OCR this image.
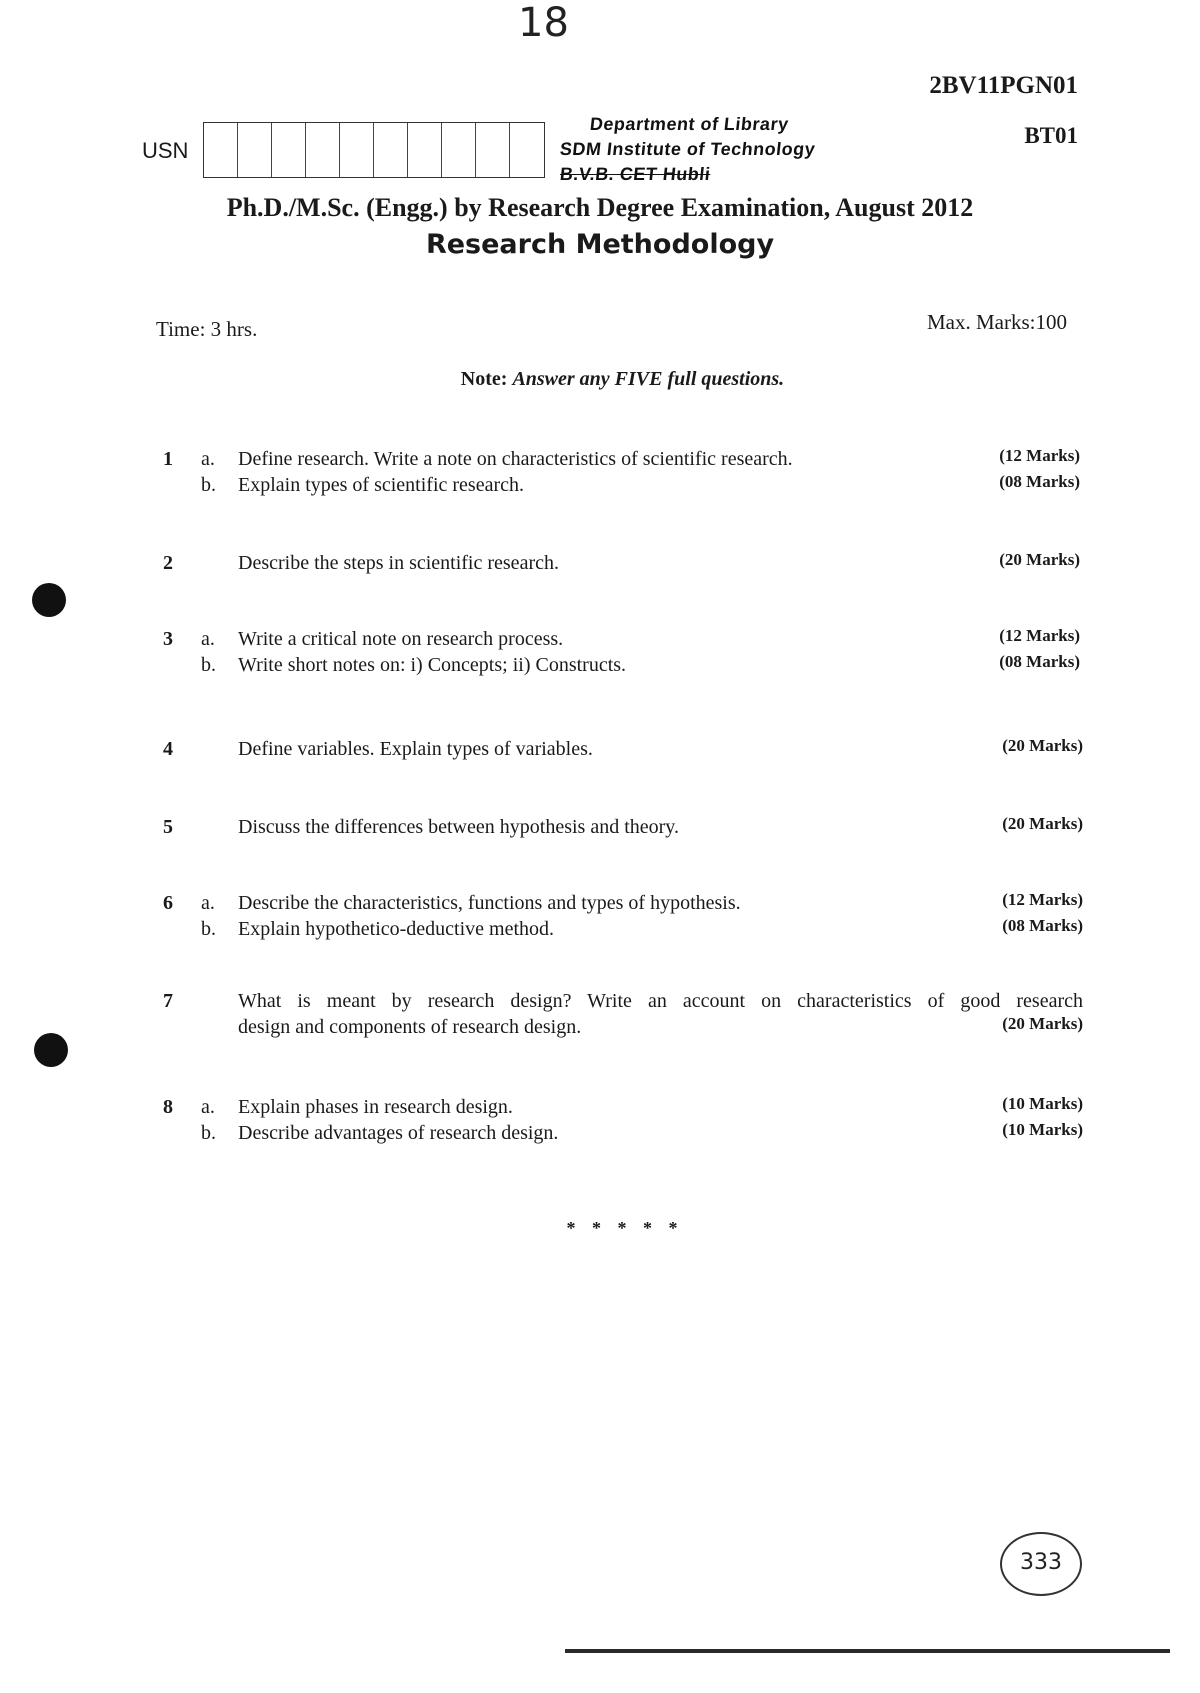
18
2BV11PGN01
BT01
USN
Department of Library
SDM Institute of Technology
B.V.B. CET Hubli
Ph.D./M.Sc. (Engg.) by Research Degree Examination, August 2012
Research Methodology
Time: 3 hrs.	Max. Marks:100
Note: Answer any FIVE full questions.
1	a.	Define research. Write a note on characteristics of scientific research.	(12 Marks)
b.	Explain types of scientific research.	(08 Marks)
2	Describe the steps in scientific research.	(20 Marks)
3	a.	Write a critical note on research process.	(12 Marks)
b.	Write short notes on: i) Concepts; ii) Constructs.	(08 Marks)
4	Define variables. Explain types of variables.	(20 Marks)
5	Discuss the differences between hypothesis and theory.	(20 Marks)
6	a.	Describe the characteristics, functions and types of hypothesis.	(12 Marks)
b.	Explain hypothetico-deductive method.	(08 Marks)
7	What is meant by research design? Write an account on characteristics of good research
design and components of research design.	(20 Marks)
8	a.	Explain phases in research design.	(10 Marks)
b.	Describe advantages of research design.	(10 Marks)
* * * * *
333
